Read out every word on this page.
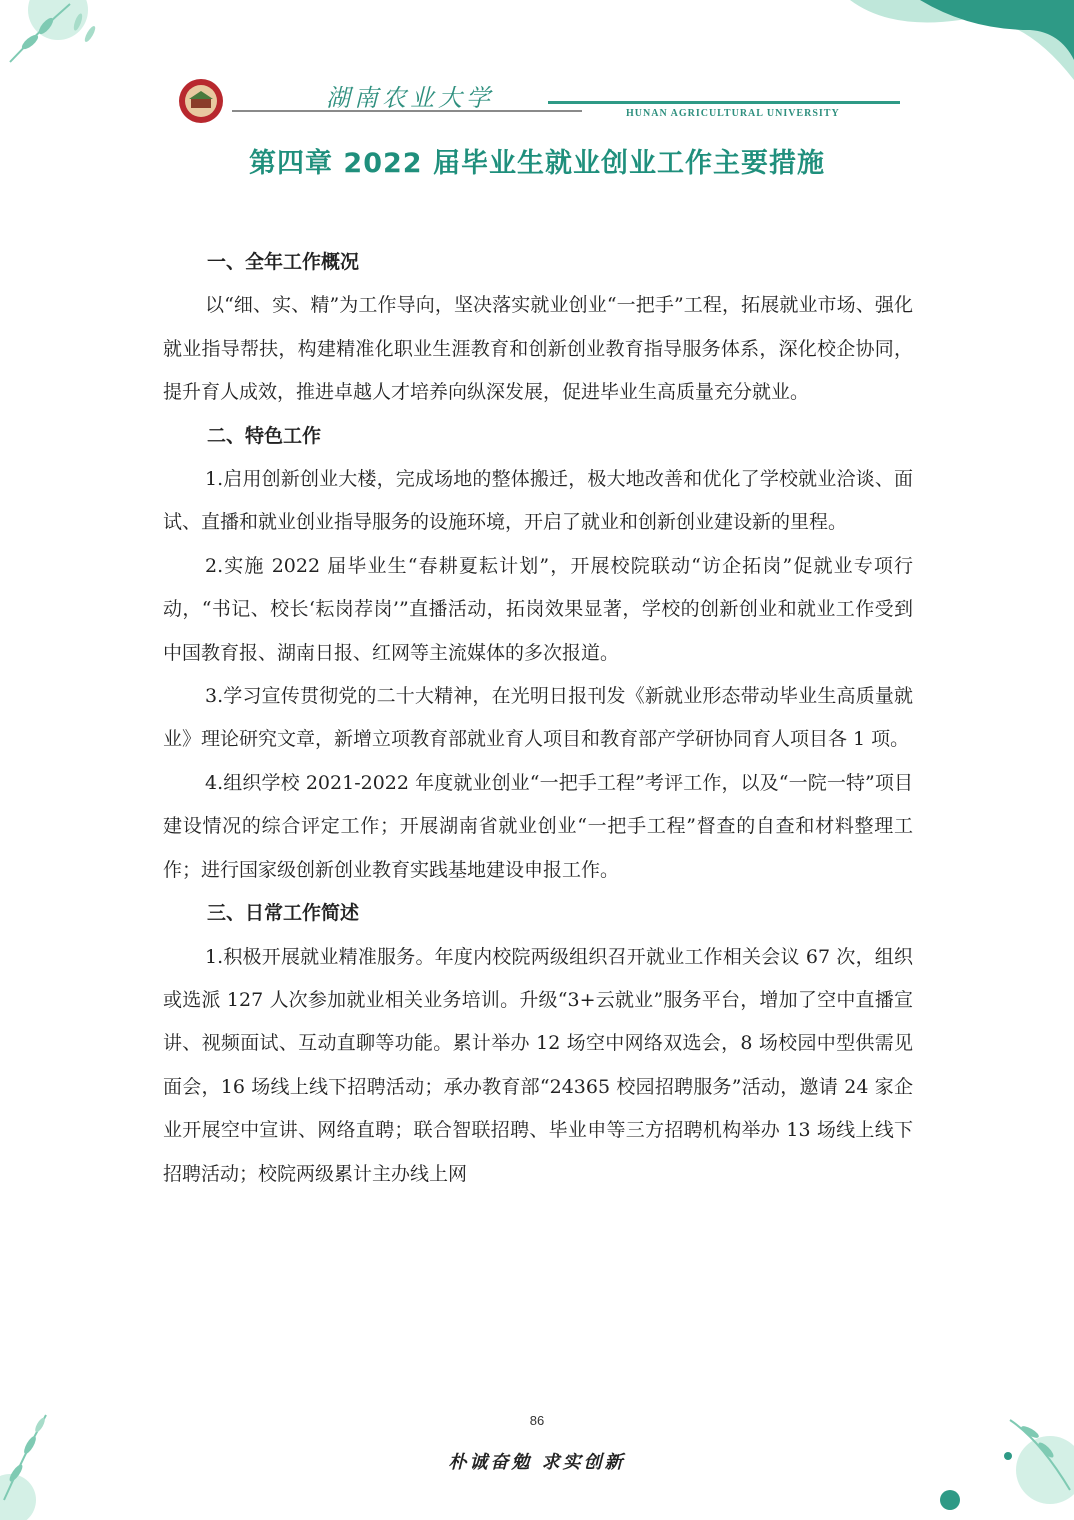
湖南农业大学
HUNAN AGRICULTURAL UNIVERSITY
第四章 2022 届毕业生就业创业工作主要措施

一、全年工作概况

以“细、实、精”为工作导向，坚决落实就业创业“一把手”工程，拓展就业市场、强化就业指导帮扶，构建精准化职业生涯教育和创新创业教育指导服务体系，深化校企协同，提升育人成效，推进卓越人才培养向纵深发展，促进毕业生高质量充分就业。

二、特色工作

1.启用创新创业大楼，完成场地的整体搬迁，极大地改善和优化了学校就业洽谈、面试、直播和就业创业指导服务的设施环境，开启了就业和创新创业建设新的里程。

2.实施 2022 届毕业生“春耕夏耘计划”，开展校院联动“访企拓岗”促就业专项行动，“书记、校长‘耘岗荐岗’”直播活动，拓岗效果显著，学校的创新创业和就业工作受到中国教育报、湖南日报、红网等主流媒体的多次报道。

3.学习宣传贯彻党的二十大精神，在光明日报刊发《新就业形态带动毕业生高质量就业》理论研究文章，新增立项教育部就业育人项目和教育部产学研协同育人项目各 1 项。

4.组织学校 2021-2022 年度就业创业“一把手工程”考评工作，以及“一院一特”项目建设情况的综合评定工作；开展湖南省就业创业“一把手工程”督查的自查和材料整理工作；进行国家级创新创业教育实践基地建设申报工作。

三、日常工作简述

1.积极开展就业精准服务。年度内校院两级组织召开就业工作相关会议 67 次，组织或选派 127 人次参加就业相关业务培训。升级“3+云就业”服务平台，增加了空中直播宣讲、视频面试、互动直聊等功能。累计举办 12 场空中网络双选会，8 场校园中型供需见面会，16 场线上线下招聘活动；承办教育部“24365 校园招聘服务”活动，邀请 24 家企业开展空中宣讲、网络直聘；联合智联招聘、毕业申等三方招聘机构举办 13 场线上线下招聘活动；校院两级累计主办线上网

86
朴诚奋勉 求实创新
